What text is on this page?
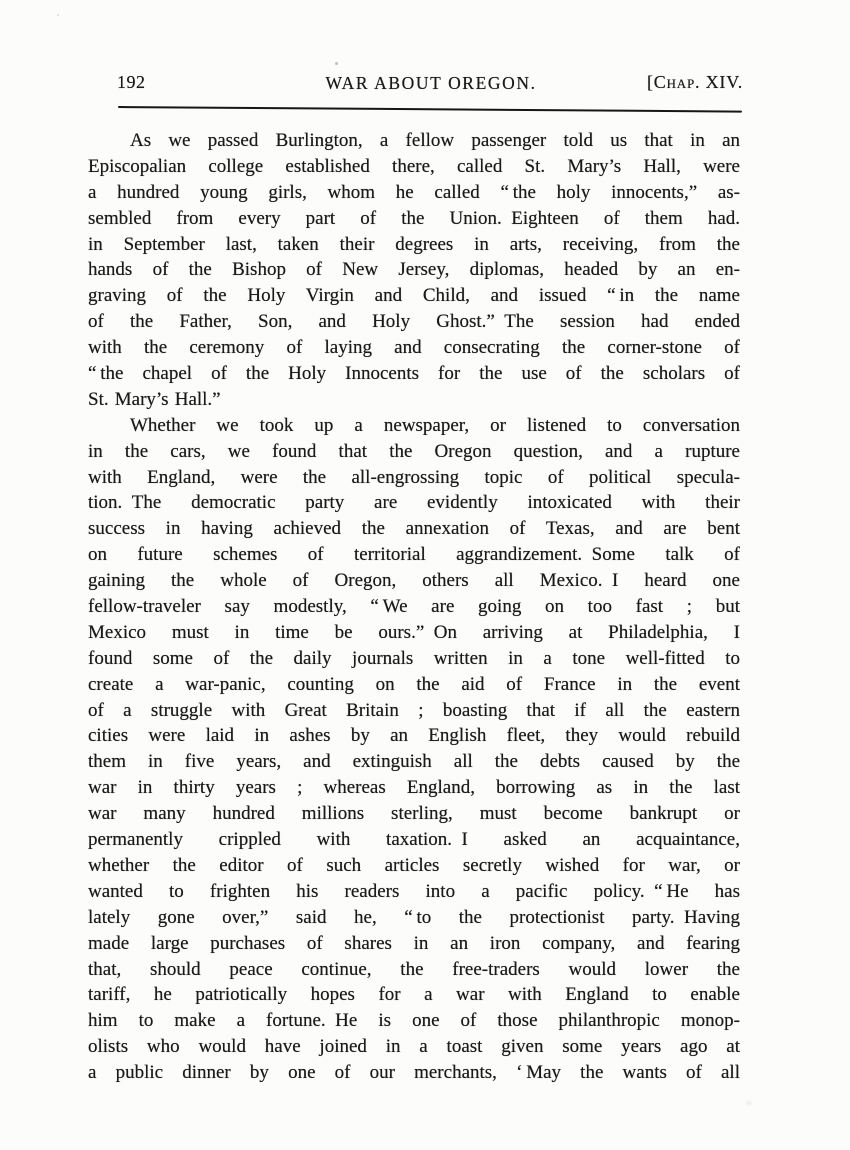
192	WAR ABOUT OREGON.	[Chap. XIV.
As we passed Burlington, a fellow passenger told us that in an
Episcopalian college established there, called St. Mary’s Hall, were
a hundred young girls, whom he called “ the holy innocents,” as-
sembled from every part of the Union. Eighteen of them had.
in September last, taken their degrees in arts, receiving, from the
hands of the Bishop of New Jersey, diplomas, headed by an en-
graving of the Holy Virgin and Child, and issued “ in the name
of the Father, Son, and Holy Ghost.” The session had ended
with the ceremony of laying and consecrating the corner-stone of
“ the chapel of the Holy Innocents for the use of the scholars of
St. Mary’s Hall.”
Whether we took up a newspaper, or listened to conversation
in the cars, we found that the Oregon question, and a rupture
with England, were the all-engrossing topic of political specula-
tion. The democratic party are evidently intoxicated with their
success in having achieved the annexation of Texas, and are bent
on future schemes of territorial aggrandizement. Some talk of
gaining the whole of Oregon, others all Mexico. I heard one
fellow-traveler say modestly, “ We are going on too fast ; but
Mexico must in time be ours.” On arriving at Philadelphia, I
found some of the daily journals written in a tone well-fitted to
create a war-panic, counting on the aid of France in the event
of a struggle with Great Britain ; boasting that if all the eastern
cities were laid in ashes by an English fleet, they would rebuild
them in five years, and extinguish all the debts caused by the
war in thirty years ; whereas England, borrowing as in the last
war many hundred millions sterling, must become bankrupt or
permanently crippled with taxation. I asked an acquaintance,
whether the editor of such articles secretly wished for war, or
wanted to frighten his readers into a pacific policy. “ He has
lately gone over,” said he, “ to the protectionist party. Having
made large purchases of shares in an iron company, and fearing
that, should peace continue, the free-traders would lower the
tariff, he patriotically hopes for a war with England to enable
him to make a fortune. He is one of those philanthropic monop-
olists who would have joined in a toast given some years ago at
a public dinner by one of our merchants, ‘ May the wants of all
